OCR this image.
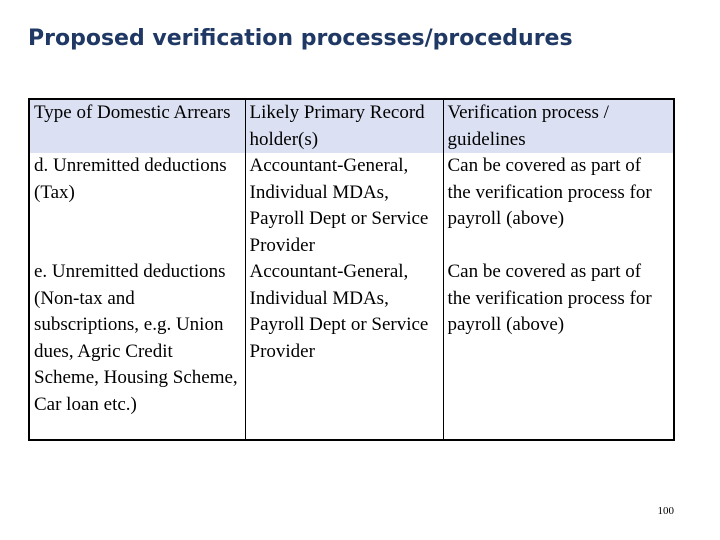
Proposed verification processes/procedures
Type of Domestic Arrears	Likely Primary Record holder(s)	Verification process / guidelines
d. Unremitted deductions (Tax)	Accountant-General, Individual MDAs, Payroll Dept or Service Provider	Can be covered as part of the verification process for payroll (above)
e. Unremitted deductions (Non-tax and subscriptions, e.g. Union dues, Agric Credit Scheme, Housing Scheme, Car loan etc.)	Accountant-General, Individual MDAs, Payroll Dept or Service Provider	Can be covered as part of the verification process for payroll (above)
100
